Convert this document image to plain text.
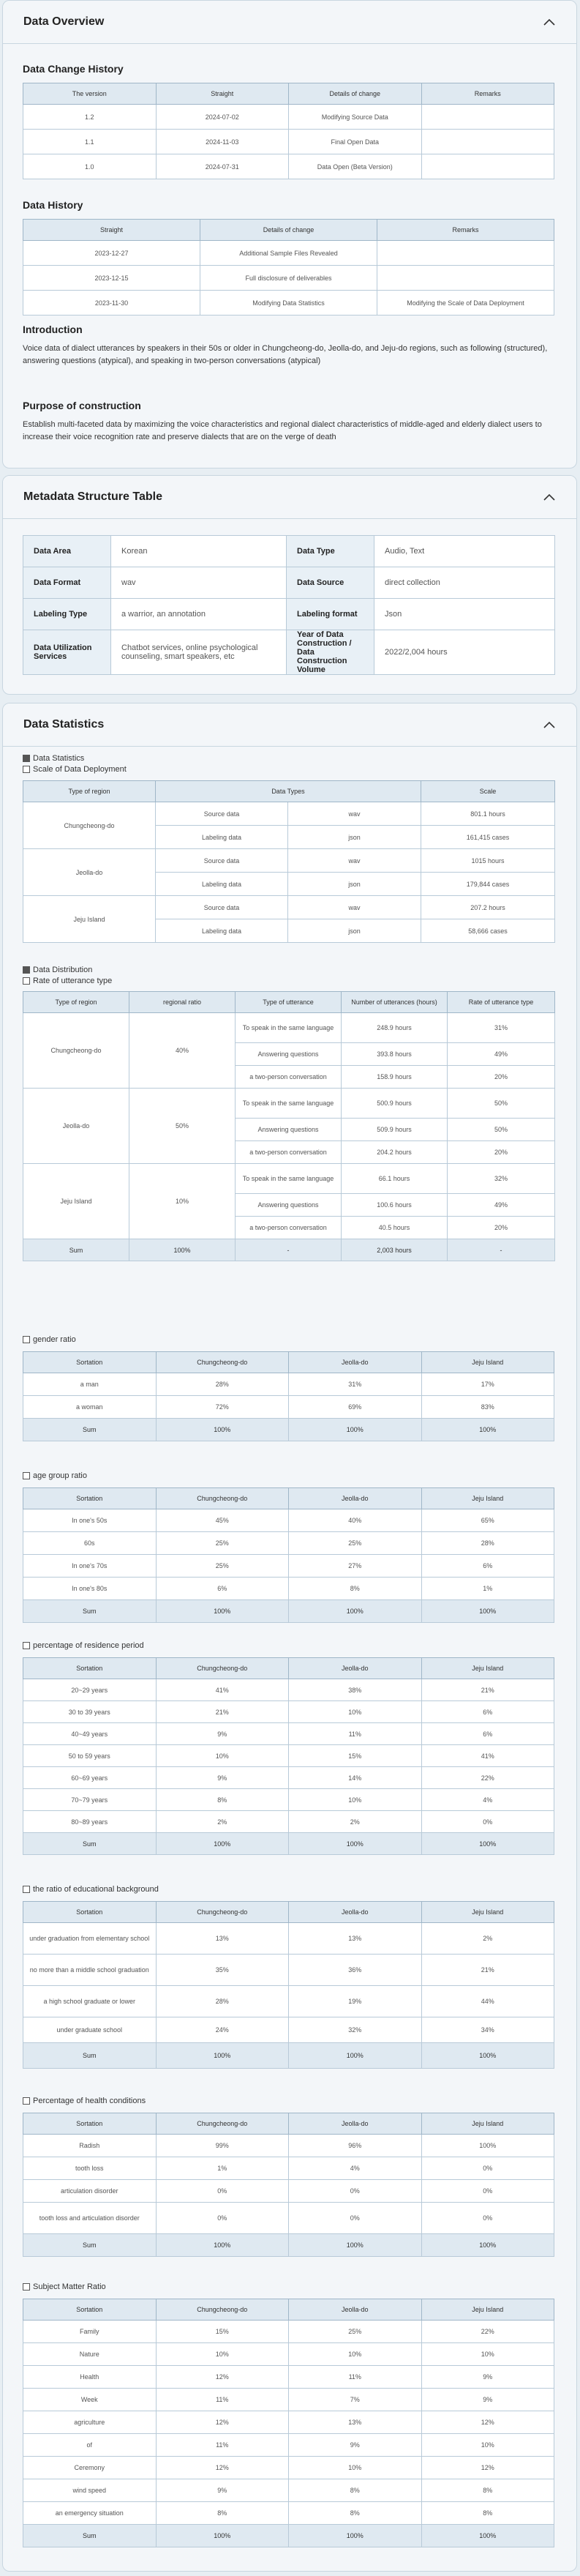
Data Overview
Data Change History
The version	Straight	Details of change	Remarks
1.2	2024-07-02	Modifying Source Data	
1.1	2024-11-03	Final Open Data	
1.0	2024-07-31	Data Open (Beta Version)	
Data History
Straight	Details of change	Remarks
2023-12-27	Additional Sample Files Revealed	
2023-12-15	Full disclosure of deliverables	
2023-11-30	Modifying Data Statistics	Modifying the Scale of Data Deployment
Introduction

Voice data of dialect utterances by speakers in their 50s or older in Chungcheong-do, Jeolla-do, and Jeju-do regions, such as following (structured), answering questions (atypical), and speaking in two-person conversations (atypical)

Purpose of construction

Establish multi-faceted data by maximizing the voice characteristics and regional dialect characteristics of middle-aged and elderly dialect users to increase their voice recognition rate and preserve dialects that are on the verge of death

Metadata Structure Table
Data Area	Korean	Data Type	Audio, Text
Data Format	wav	Data Source	direct collection
Labeling Type	a warrior, an annotation	Labeling format	Json
Data Utilization Services	Chatbot services, online psychological counseling, smart speakers, etc	Year of Data Construction / Data Construction Volume	2022/2,004 hours
Data Statistics
Data Statistics
Scale of Data Deployment
Type of region	Data Types		Scale
Chungcheong-do	Source data	wav	801.1 hours
	Labeling data	json	161,415 cases
Jeolla-do	Source data	wav	1015 hours
	Labeling data	json	179,844 cases
Jeju Island	Source data	wav	207.2 hours
	Labeling data	json	58,666 cases
Data Distribution
Rate of utterance type
Type of region	regional ratio	Type of utterance	Number of utterances (hours)	Rate of utterance type
Chungcheong-do	40%	To speak in the same language	248.9 hours	31%
		Answering questions	393.8 hours	49%
		a two-person conversation	158.9 hours	20%
Jeolla-do	50%	To speak in the same language	500.9 hours	50%
		Answering questions	509.9 hours	50%
		a two-person conversation	204.2 hours	20%
Jeju Island	10%	To speak in the same language	66.1 hours	32%
		Answering questions	100.6 hours	49%
		a two-person conversation	40.5 hours	20%
Sum	100%	-	2,003 hours	-
gender ratio
Sortation	Chungcheong-do	Jeolla-do	Jeju Island
a man	28%	31%	17%
a woman	72%	69%	83%
Sum	100%	100%	100%
age group ratio
Sortation	Chungcheong-do	Jeolla-do	Jeju Island
In one's 50s	45%	40%	65%
60s	25%	25%	28%
In one's 70s	25%	27%	6%
In one's 80s	6%	8%	1%
Sum	100%	100%	100%
percentage of residence period
Sortation	Chungcheong-do	Jeolla-do	Jeju Island
20~29 years	41%	38%	21%
30 to 39 years	21%	10%	6%
40~49 years	9%	11%	6%
50 to 59 years	10%	15%	41%
60~69 years	9%	14%	22%
70~79 years	8%	10%	4%
80~89 years	2%	2%	0%
Sum	100%	100%	100%
the ratio of educational background
Sortation	Chungcheong-do	Jeolla-do	Jeju Island
under graduation from elementary school	13%	13%	2%
no more than a middle school graduation	35%	36%	21%
a high school graduate or lower	28%	19%	44%
under graduate school	24%	32%	34%
Sum	100%	100%	100%
Percentage of health conditions
Sortation	Chungcheong-do	Jeolla-do	Jeju Island
Radish	99%	96%	100%
tooth loss	1%	4%	0%
articulation disorder	0%	0%	0%
tooth loss and articulation disorder	0%	0%	0%
Sum	100%	100%	100%
Subject Matter Ratio
Sortation	Chungcheong-do	Jeolla-do	Jeju Island
Family	15%	25%	22%
Nature	10%	10%	10%
Health	12%	11%	9%
Week	11%	7%	9%
agriculture	12%	13%	12%
of	11%	9%	10%
Ceremony	12%	10%	12%
wind speed	9%	8%	8%
an emergency situation	8%	8%	8%
Sum	100%	100%	100%
